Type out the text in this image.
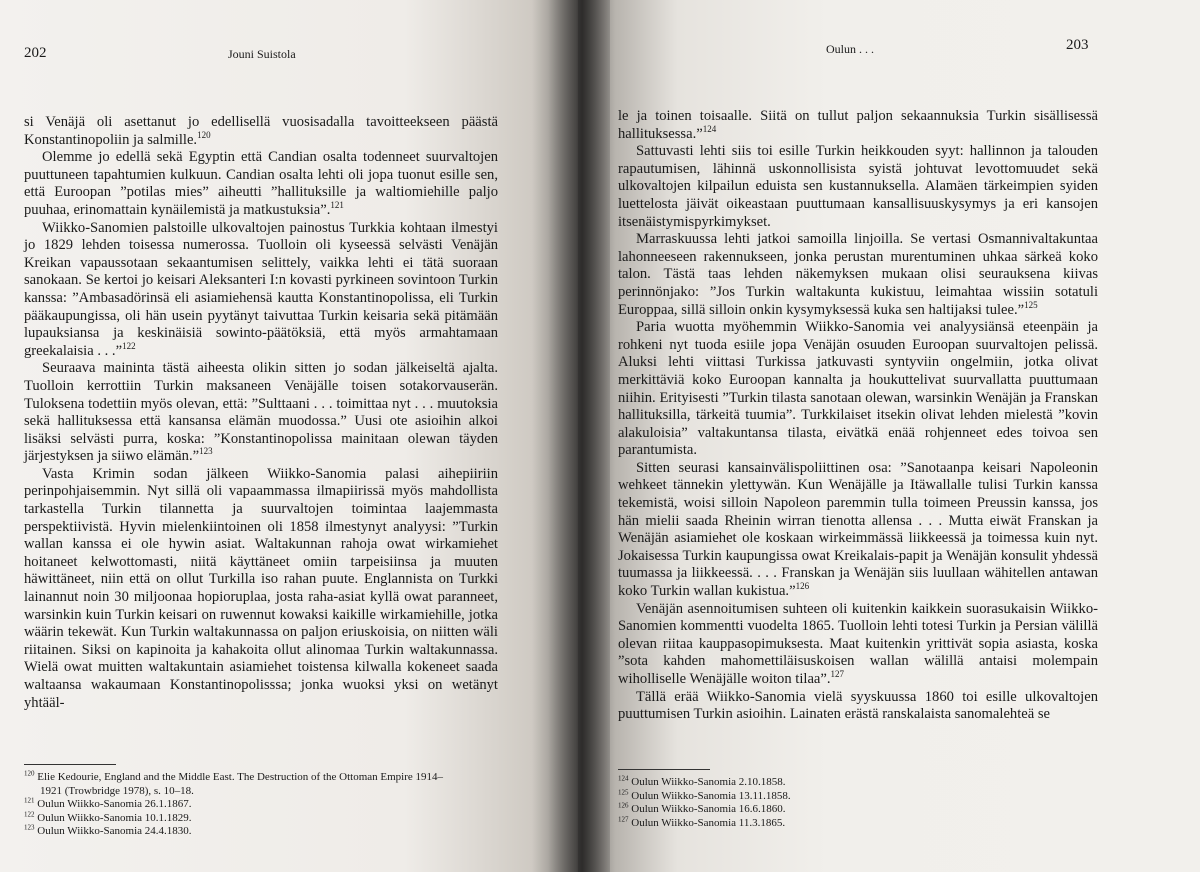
202	Jouni Suistola

si Venäjä oli asettanut jo edellisellä vuosisadalla tavoitteekseen päästä Konstantinopoliin ja salmille.$^{120}$

Olemme jo edellä sekä Egyptin että Candian osalta todenneet suurvaltojen puuttuneen tapahtumien kulkuun. Candian osalta lehti oli jopa tuonut esille sen, että Euroopan ”potilas mies” aiheutti ”hallituksille ja waltiomiehille paljo puuhaa, erinomattain kynäilemistä ja matkustuksia”.$^{121}$

Wiikko-Sanomien palstoille ulkovaltojen painostus Turkkia kohtaan ilmestyi jo 1829 lehden toisessa numerossa. Tuolloin oli kyseessä selvästi Venäjän Kreikan vapaussotaan sekaantumisen selittely, vaikka lehti ei tätä suoraan sanokaan. Se kertoi jo keisari Aleksanteri I:n kovasti pyrkineen sovintoon Turkin kanssa: ”Ambasadörinsä eli asiamiehensä kautta Konstantinopolissa, eli Turkin pääkaupungissa, oli hän usein pyytänyt taivuttaa Turkin keisaria sekä pitämään lupauksiansa ja keskinäisiä sowinto-päätöksiä, että myös armahtamaan greekalaisia . . .”$^{122}$

Seuraava maininta tästä aiheesta olikin sitten jo sodan jälkeiseltä ajalta. Tuolloin kerrottiin Turkin maksaneen Venäjälle toisen sotakorvauserän. Tuloksena todettiin myös olevan, että: ”Sulttaani . . . toimittaa nyt . . . muutoksia sekä hallituksessa että kansansa elämän muodossa.” Uusi ote asioihin alkoi lisäksi selvästi purra, koska: ”Konstantinopolissa mainitaan olewan täyden järjestyksen ja siiwo elämän.”$^{123}$

Vasta Krimin sodan jälkeen Wiikko-Sanomia palasi aihepiiriin perinpohjaisemmin. Nyt sillä oli vapaammassa ilmapiirissä myös mahdollista tarkastella Turkin tilannetta ja suurvaltojen toimintaa laajemmasta perspektiivistä. Hyvin mielenkiintoinen oli 1858 ilmestynyt analyysi: ”Turkin wallan kanssa ei ole hywin asiat. Waltakunnan rahoja owat wirkamiehet hoitaneet kelwottomasti, niitä käyttäneet omiin tarpeisiinsa ja muuten häwittäneet, niin että on ollut Turkilla iso rahan puute. Englannista on Turkki lainannut noin 30 miljoonaa hopioruplaa, josta raha-asiat kyllä owat paranneet, warsinkin kuin Turkin keisari on ruwennut kowaksi kaikille wirkamiehille, jotka wäärin tekewät. Kun Turkin waltakunnassa on paljon eriuskoisia, on niitten wäli riitainen. Siksi on kapinoita ja kahakoita ollut alinomaa Turkin waltakunnassa. Wielä owat muitten waltakuntain asiamiehet toistensa kilwalla kokeneet saada waltaansa wakaumaan Konstantinopolisssa; jonka wuoksi yksi on wetänyt yhtääl-

$^{120}$ Elie Kedourie, England and the Middle East. The Destruction of the Ottoman Empire 1914–
1921 (Trowbridge 1978), s. 10–18.
$^{121}$ Oulun Wiikko-Sanomia 26.1.1867.
$^{122}$ Oulun Wiikko-Sanomia 10.1.1829.
$^{123}$ Oulun Wiikko-Sanomia 24.4.1830.
Oulun . . .	203

le ja toinen toisaalle. Siitä on tullut paljon sekaannuksia Turkin sisällisessä hallituksessa.”$^{124}$

Sattuvasti lehti siis toi esille Turkin heikkouden syyt: hallinnon ja talouden rapautumisen, lähinnä uskonnollisista syistä johtuvat levottomuudet sekä ulkovaltojen kilpailun eduista sen kustannuksella. Alamäen tärkeimpien syiden luettelosta jäivät oikeastaan puuttumaan kansallisuuskysymys ja eri kansojen itsenäistymispyrkimykset.

Marraskuussa lehti jatkoi samoilla linjoilla. Se vertasi Osmannivaltakuntaa lahonneeseen rakennukseen, jonka perustan murentuminen uhkaa särkeä koko talon. Tästä taas lehden näkemyksen mukaan olisi seurauksena kiivas perinnönjako: ”Jos Turkin waltakunta kukistuu, leimahtaa wissiin sotatuli Europpaa, sillä silloin onkin kysymyksessä kuka sen haltijaksi tulee.”$^{125}$

Paria wuotta myöhemmin Wiikko-Sanomia vei analyysiänsä eteenpäin ja rohkeni nyt tuoda esiile jopa Venäjän osuuden Euroopan suurvaltojen pelissä. Aluksi lehti viittasi Turkissa jatkuvasti syntyviin ongelmiin, jotka olivat merkittäviä koko Euroopan kannalta ja houkuttelivat suurvallatta puuttumaan niihin. Erityisesti ”Turkin tilasta sanotaan olewan, warsinkin Wenäjän ja Franskan hallituksilla, tärkeitä tuumia”. Turkkilaiset itsekin olivat lehden mielestä ”kovin alakuloisia” valtakuntansa tilasta, eivätkä enää rohjenneet edes toivoa sen parantumista.

Sitten seurasi kansainvälispoliittinen osa: ”Sanotaanpa keisari Napoleonin wehkeet tännekin ylettywän. Kun Wenäjälle ja Itäwallalle tulisi Turkin kanssa tekemistä, woisi silloin Napoleon paremmin tulla toimeen Preussin kanssa, jos hän mielii saada Rheinin wirran tienotta allensa . . . Mutta eiwät Franskan ja Wenäjän asiamiehet ole koskaan wirkeimmässä liikkeessä ja toimessa kuin nyt. Jokaisessa Turkin kaupungissa owat Kreikalais-papit ja Wenäjän konsulit yhdessä tuumassa ja liikkeessä. . . . Franskan ja Wenäjän siis luullaan wähitellen antawan koko Turkin wallan kukistua.”$^{126}$

Venäjän asennoitumisen suhteen oli kuitenkin kaikkein suorasukaisin Wiikko-Sanomien kommentti vuodelta 1865. Tuolloin lehti totesi Turkin ja Persian välillä olevan riitaa kauppasopimuksesta. Maat kuitenkin yrittivät sopia asiasta, koska ”sota kahden mahomettiläisuskoisen wallan wälillä antaisi molempain wiholliselle Wenäjälle woiton tilaa”.$^{127}$

Tällä erää Wiikko-Sanomia vielä syyskuussa 1860 toi esille ulkovaltojen puuttumisen Turkin asioihin. Lainaten erästä ranskalaista sanomalehteä se

$^{124}$ Oulun Wiikko-Sanomia 2.10.1858.
$^{125}$ Oulun Wiikko-Sanomia 13.11.1858.
$^{126}$ Oulun Wiikko-Sanomia 16.6.1860.
$^{127}$ Oulun Wiikko-Sanomia 11.3.1865.
